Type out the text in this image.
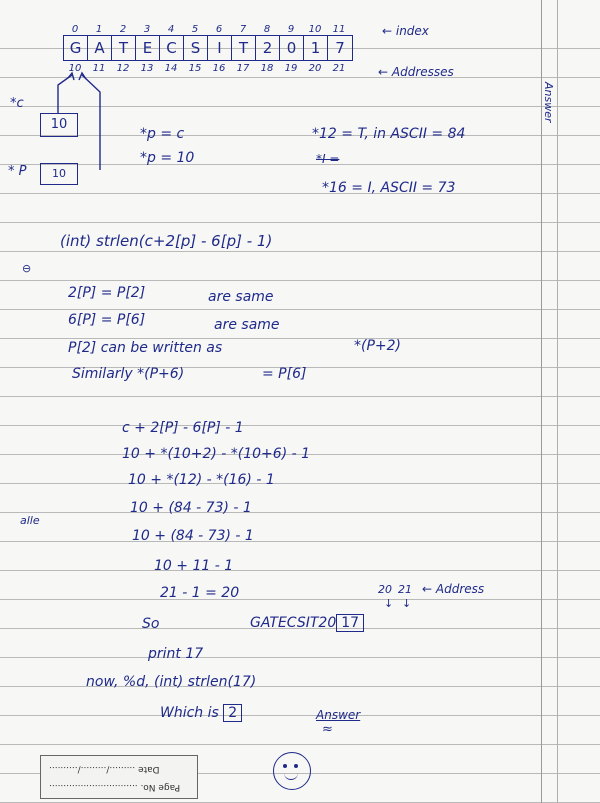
0	1	2	3	4	5	6	7	8	9	10	11	← index
G A T E C S	I	T 2 0 1 7
10	11	12	13	14	15	16	17	18	19	20	21	← Addresses
*c
10
* P	10
*p = c
*p = 10
*12 = T, in ASCII = 84
*I =
*16 = I, ASCII = 73
(int) strlen(c+2[p] - 6[p] - 1)
⊖
2[P] = P[2]	are same
6[P] = P[6]	are same
P[2] can be written as	*(P+2)
Similarly *(P+6)	= P[6]
c + 2[P] - 6[P] - 1
10 + *(10+2) - *(10+6) - 1
10 + *(12) - *(16) - 1
10 + (84 - 73) - 1
10 + (84 - 73) - 1
10 + 11 - 1
21 - 1 = 20
alle
20 21 ← Address
↓ ↓
So	GATECSIT20 17
print 17
now, %d, (int) strlen(17)
Which is 2	Answer
≈
Answer
Date ........./........./..........
Page No. ...............................
